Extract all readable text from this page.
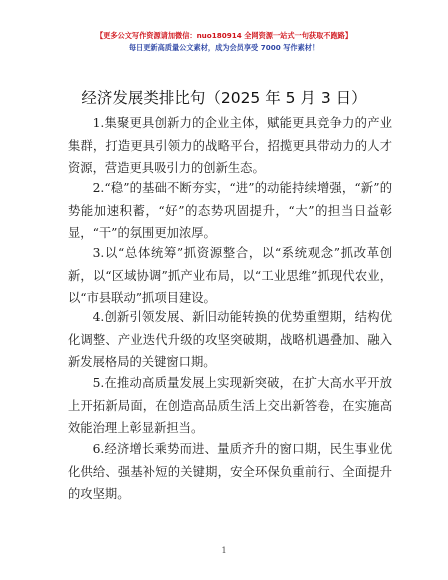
【更多公文写作资源请加微信：nuo180914 全网资源一站式一句获取不跑路】
每日更新高质量公文素材，成为会员享受 7000 写作素材！
经济发展类排比句（2025 年 5 月 3 日）

1.集聚更具创新力的企业主体，赋能更具竞争力的产业集群，打造更具引领力的战略平台，招揽更具带动力的人才资源，营造更具吸引力的创新生态。

2.“稳”的基础不断夯实，“进”的动能持续增强，“新”的势能加速积蓄，“好”的态势巩固提升，“大”的担当日益彰显，“干”的氛围更加浓厚。

3.以“总体统筹”抓资源整合，以“系统观念”抓改革创新，以“区域协调”抓产业布局，以“工业思维”抓现代农业，以“市县联动”抓项目建设。

4.创新引领发展、新旧动能转换的优势重塑期，结构优化调整、产业迭代升级的攻坚突破期，战略机遇叠加、融入新发展格局的关键窗口期。

5.在推动高质量发展上实现新突破，在扩大高水平开放上开拓新局面，在创造高品质生活上交出新答卷，在实施高效能治理上彰显新担当。

6.经济增长乘势而进、量质齐升的窗口期，民生事业优化供给、强基补短的关键期，安全环保负重前行、全面提升的攻坚期。

1
